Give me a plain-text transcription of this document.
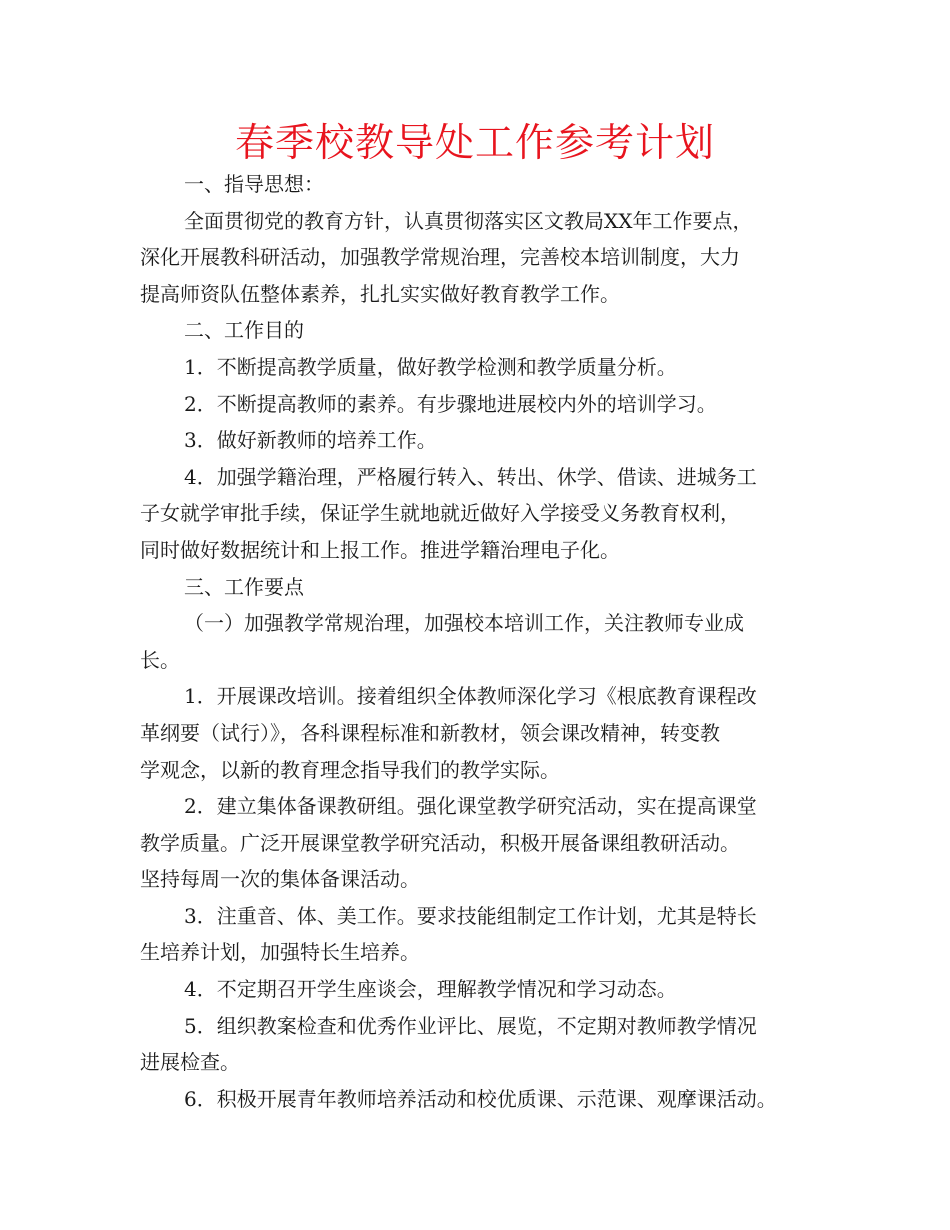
春季校教导处工作参考计划
一、指导思想：
全面贯彻党的教育方针，认真贯彻落实区文教局XX年工作要点，
深化开展教科研活动，加强教学常规治理，完善校本培训制度，大力
提高师资队伍整体素养，扎扎实实做好教育教学工作。
二、工作目的
1．不断提高教学质量，做好教学检测和教学质量分析。
2．不断提高教师的素养。有步骤地进展校内外的培训学习。
3．做好新教师的培养工作。
4．加强学籍治理，严格履行转入、转出、休学、借读、进城务工
子女就学审批手续，保证学生就地就近做好入学接受义务教育权利，
同时做好数据统计和上报工作。推进学籍治理电子化。
三、工作要点
（一）加强教学常规治理，加强校本培训工作，关注教师专业成
长。
1．开展课改培训。接着组织全体教师深化学习《根底教育课程改
革纲要（试行）》，各科课程标准和新教材，领会课改精神，转变教
学观念，以新的教育理念指导我们的教学实际。
2．建立集体备课教研组。强化课堂教学研究活动，实在提高课堂
教学质量。广泛开展课堂教学研究活动，积极开展备课组教研活动。
坚持每周一次的集体备课活动。
3．注重音、体、美工作。要求技能组制定工作计划，尤其是特长
生培养计划，加强特长生培养。
4．不定期召开学生座谈会，理解教学情况和学习动态。
5．组织教案检查和优秀作业评比、展览，不定期对教师教学情况
进展检查。
6．积极开展青年教师培养活动和校优质课、示范课、观摩课活动。
